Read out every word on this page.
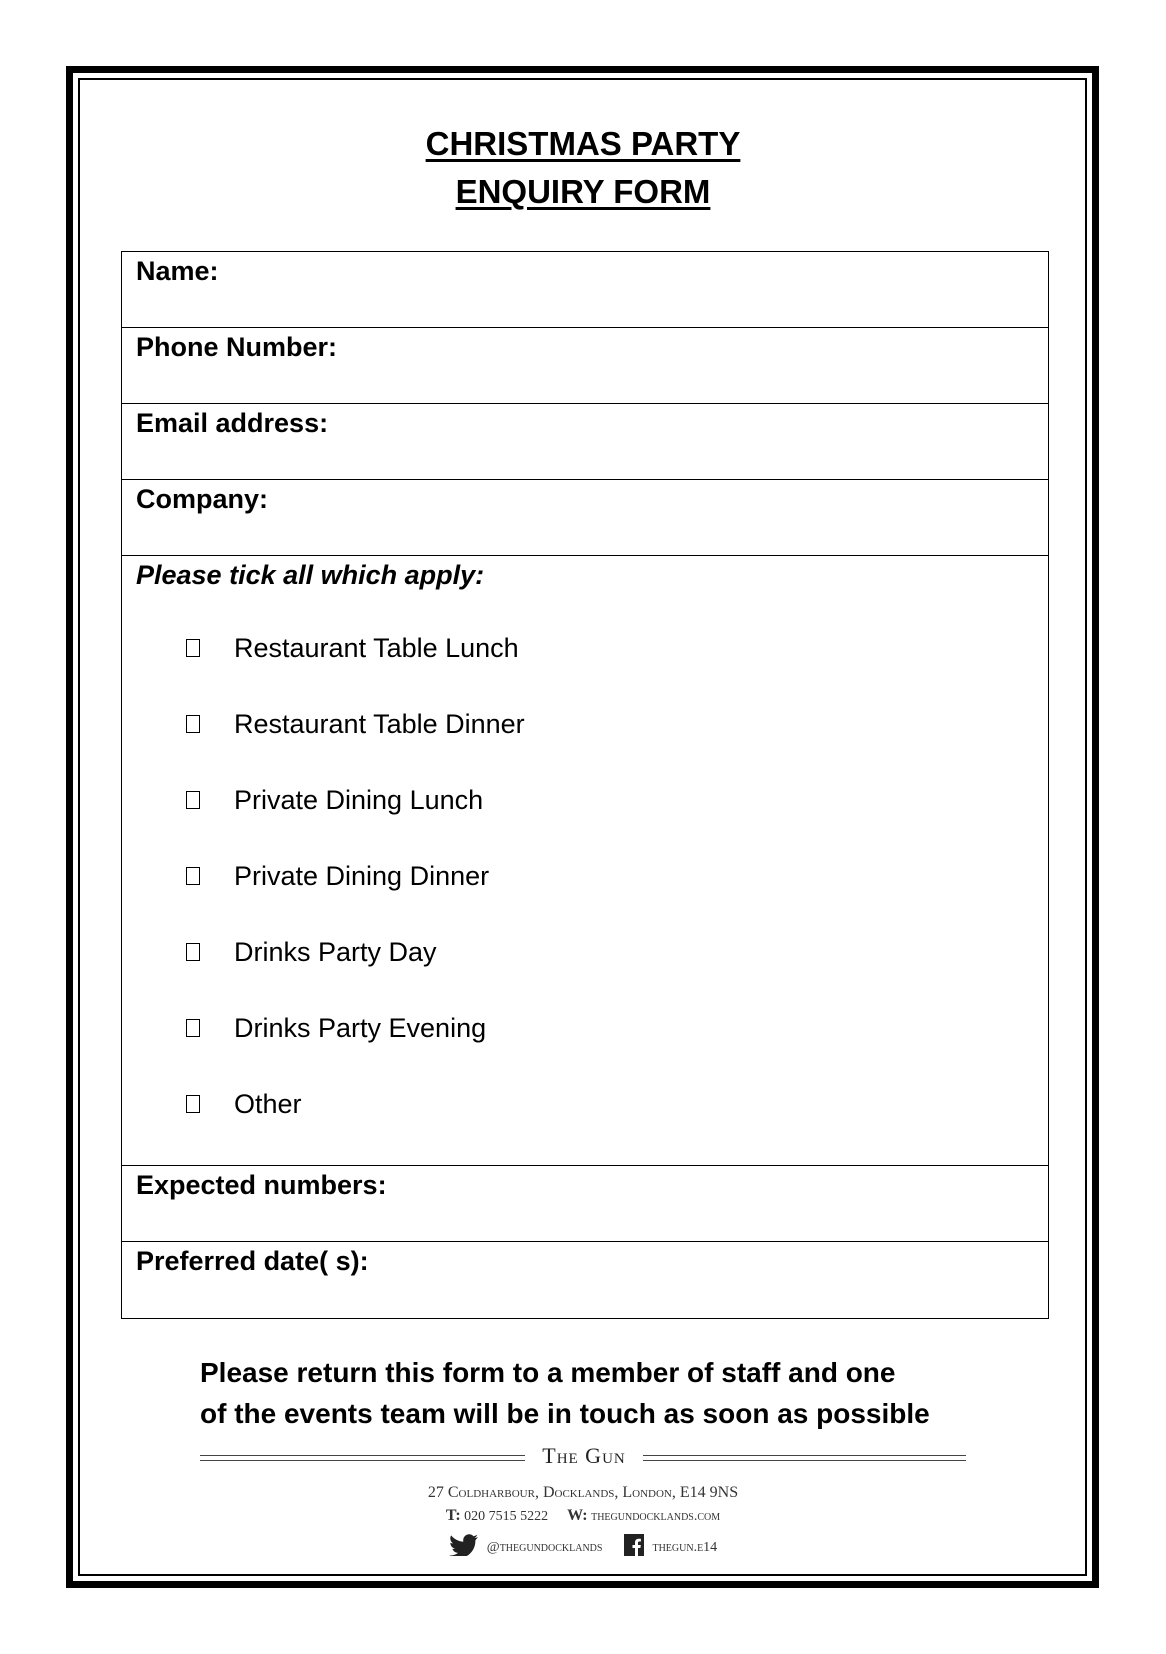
CHRISTMAS PARTY
ENQUIRY FORM
Name:
Phone Number:
Email address:
Company:
Please tick all which apply:
Restaurant Table Lunch
Restaurant Table Dinner
Private Dining Lunch
Private Dining Dinner
Drinks Party Day
Drinks Party Evening
Other
Expected numbers:
Preferred date( s):
Please return this form to a member of staff and one
of the events team will be in touch as soon as possible
The Gun
27 Coldharbour, Docklands, London, E14 9NS
T: 020 7515 5222 W: thegundocklands.com
@thegundocklands	thegun.e14
